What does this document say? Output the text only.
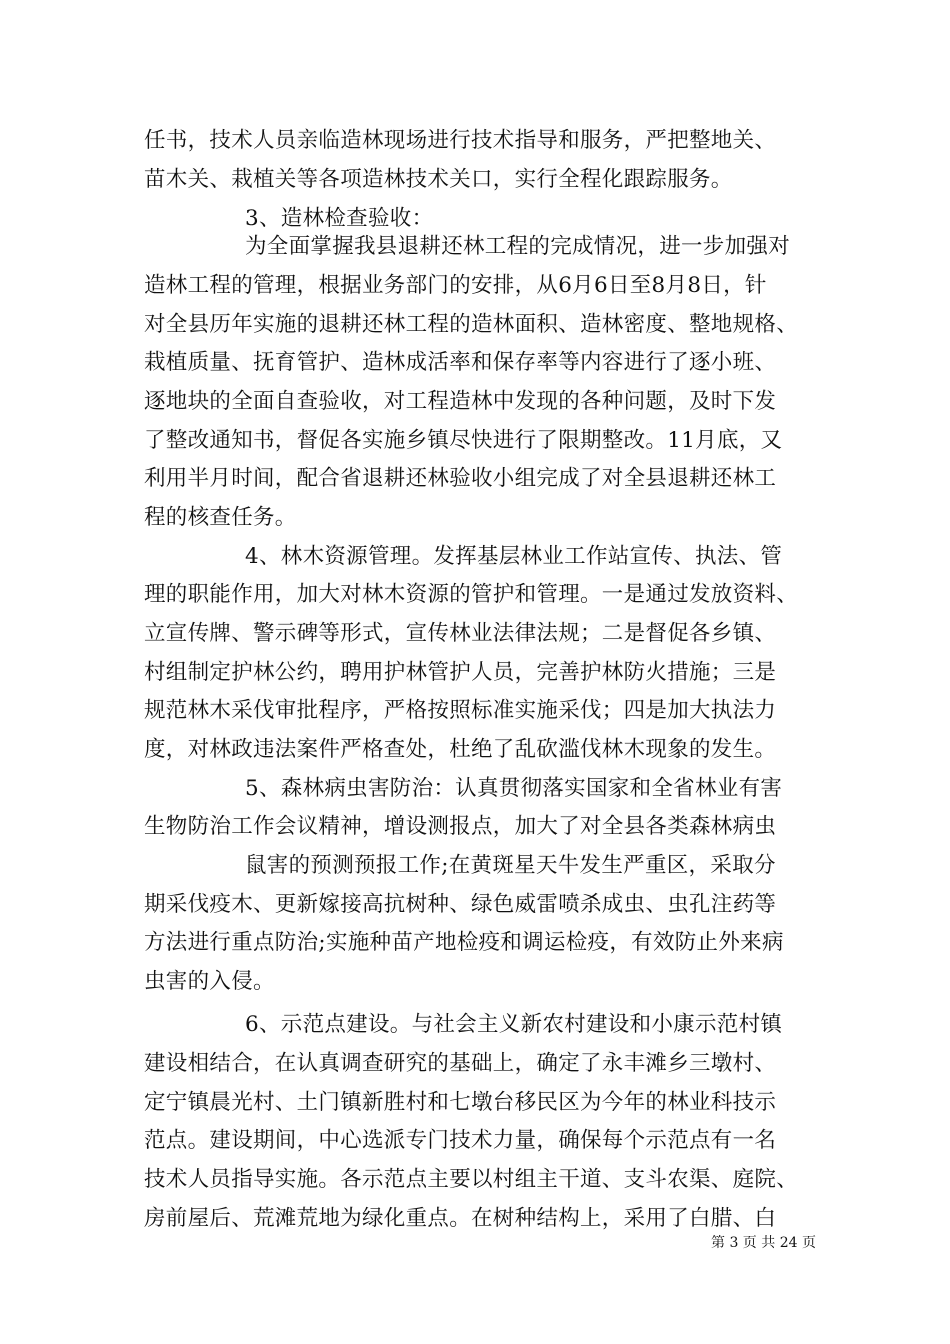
任书，技术人员亲临造林现场进行技术指导和服务，严把整地关、
苗木关、栽植关等各项造林技术关口，实行全程化跟踪服务。
3、造林检查验收：
为全面掌握我县退耕还林工程的完成情况，进一步加强对
造林工程的管理，根据业务部门的安排，从6月6日至8月8日，针
对全县历年实施的退耕还林工程的造林面积、造林密度、整地规格、
栽植质量、抚育管护、造林成活率和保存率等内容进行了逐小班、
逐地块的全面自查验收，对工程造林中发现的各种问题，及时下发
了整改通知书，督促各实施乡镇尽快进行了限期整改。11月底，又
利用半月时间，配合省退耕还林验收小组完成了对全县退耕还林工
程的核查任务。
4、林木资源管理。发挥基层林业工作站宣传、执法、管
理的职能作用，加大对林木资源的管护和管理。一是通过发放资料、
立宣传牌、警示碑等形式，宣传林业法律法规；二是督促各乡镇、
村组制定护林公约，聘用护林管护人员，完善护林防火措施；三是
规范林木采伐审批程序，严格按照标准实施采伐；四是加大执法力
度，对林政违法案件严格查处，杜绝了乱砍滥伐林木现象的发生。
5、森林病虫害防治：认真贯彻落实国家和全省林业有害
生物防治工作会议精神，增设测报点，加大了对全县各类森林病虫
鼠害的预测预报工作;在黄斑星天牛发生严重区，采取分
期采伐疫木、更新嫁接高抗树种、绿色威雷喷杀成虫、虫孔注药等
方法进行重点防治;实施种苗产地检疫和调运检疫，有效防止外来病
虫害的入侵。
6、示范点建设。与社会主义新农村建设和小康示范村镇
建设相结合，在认真调查研究的基础上，确定了永丰滩乡三墩村、
定宁镇晨光村、土门镇新胜村和七墩台移民区为今年的林业科技示
范点。建设期间，中心选派专门技术力量，确保每个示范点有一名
技术人员指导实施。各示范点主要以村组主干道、支斗农渠、庭院、
房前屋后、荒滩荒地为绿化重点。在树种结构上，采用了白腊、白
第 3 页 共 24 页
